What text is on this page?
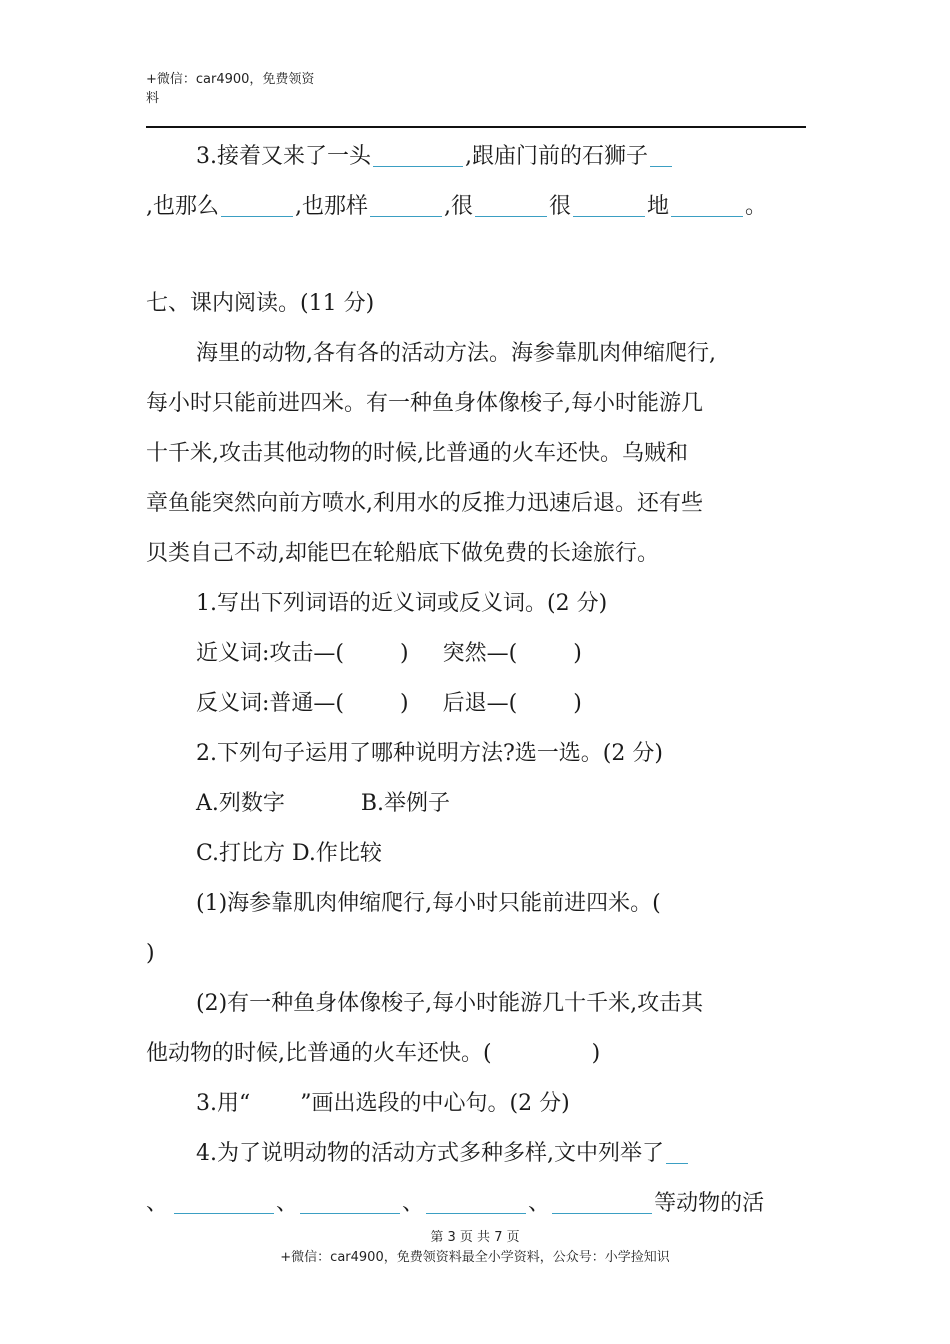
+微信：car4900，免费领资
料
3.接着又来了一头	,跟庙门前的石狮子
,也那么	,也那样	,很	很	地	。
七、课内阅读。(11 分)
海里的动物,各有各的活动方法。海参靠肌肉伸缩爬行,
每小时只能前进四米。有一种鱼身体像梭子,每小时能游几
十千米,攻击其他动物的时候,比普通的火车还快。乌贼和
章鱼能突然向前方喷水,利用水的反推力迅速后退。还有些
贝类自己不动,却能巴在轮船底下做免费的长途旅行。
1.写出下列词语的近义词或反义词。(2 分)
近义词:攻击—(	) 突然—(	)
反义词:普通—(	) 后退—(	)
2.下列句子运用了哪种说明方法?选一选。(2 分)
A.列数字	B.举例子
C.打比方 D.作比较
(1)海参靠肌肉伸缩爬行,每小时只能前进四米。(
)
(2)有一种鱼身体像梭子,每小时能游几十千米,攻击其
他动物的时候,比普通的火车还快。(	)
3.用“ ”画出选段的中心句。(2 分)
4.为了说明动物的活动方式多种多样,文中列举了
、	、	、	、	等动物的活
第 3 页 共 7 页
+微信：car4900，免费领资料最全小学资料，公众号：小学捡知识
